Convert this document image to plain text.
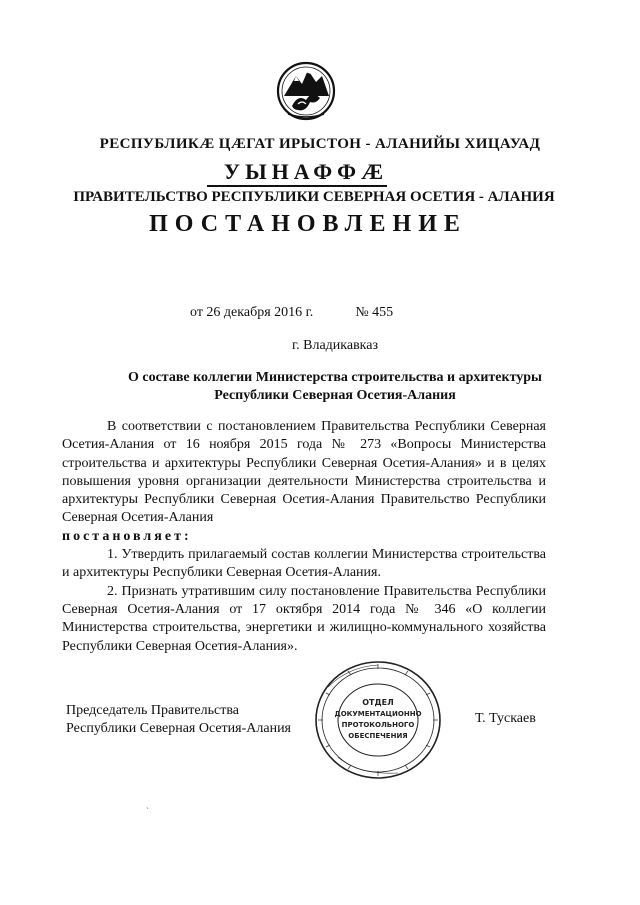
РЕСПУБЛИКӔ ЦӔГАТ ИРЫСТОН - АЛАНИЙЫ ХИЦАУАД
УЫНАФФӔ
ПРАВИТЕЛЬСТВО РЕСПУБЛИКИ СЕВЕРНАЯ ОСЕТИЯ - АЛАНИЯ
ПОСТАНОВЛЕНИЕ
от 26 декабря 2016 г.	№ 455
г. Владикавказ
О составе коллегии Министерства строительства и архитектуры
Республики Северная Осетия-Алания

В соответствии с постановлением Правительства Республики Северная Осетия-Алания от 16 ноября 2015 года № 273 «Вопросы Министерства строительства и архитектуры Республики Северная Осетия-Алания» и в целях повышения уровня организации деятельности Министерства строительства и архитектуры Республики Северная Осетия-Алания Правительство Республики Северная Осетия-Алания

постановляет:

1. Утвердить прилагаемый состав коллегии Министерства строительства и архитектуры Республики Северная Осетия-Алания.

2. Признать утратившим силу постановление Правительства Республики Северная Осетия-Алания от 17 октября 2014 года № 346 «О коллегии Министерства строительства, энергетики и жилищно-коммунального хозяйства Республики Северная Осетия-Алания».

Председатель Правительства
Республики Северная Осетия-Алания
ОТДЕЛ
ДОКУМЕНТАЦИОННО
ПРОТОКОЛЬНОГО
ОБЕСПЕЧЕНИЯ
Т. Тускаев
`
